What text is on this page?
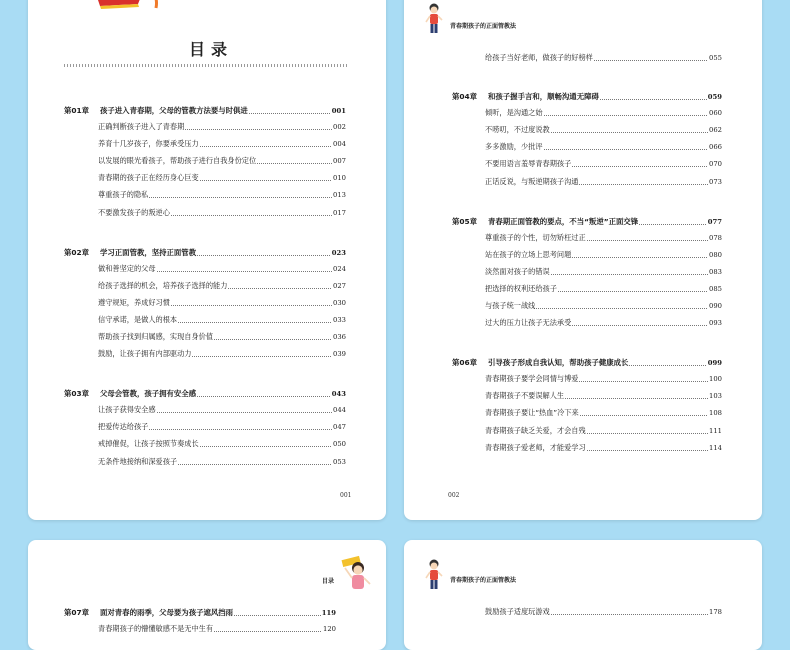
目录
第01章	孩子进入青春期，父母的管教方法要与时俱进	001
正确判断孩子进入了青春期	002
养育十几岁孩子，你要承受压力	004
以发展的眼光看孩子，帮助孩子进行自我身份定位	007
青春期的孩子正在经历身心巨变	010
尊重孩子的隐私	013
不要激发孩子的叛逆心	017
第02章	学习正面管教，坚持正面管教	023
做和善坚定的父母	024
给孩子选择的机会，培养孩子选择的能力	027
遵守规矩，养成好习惯	030
信守承诺，是做人的根本	033
帮助孩子找到归属感，实现自身价值	036
鼓励，让孩子拥有内部驱动力	039
第03章	父母会管教，孩子拥有安全感	043
让孩子获得安全感	044
把爱传达给孩子	047
戒掉催促，让孩子按照节奏成长	050
无条件地接纳和深爱孩子	053
001
青春期孩子的正面管教法
给孩子当好老师，做孩子的好榜样	055
第04章	和孩子握手言和，顺畅沟通无障碍	059
倾听，是沟通之始	060
不唠叨，不过度说教	062
多多激励，少批评	066
不要用语言羞辱青春期孩子	070
正话反说，与叛逆期孩子沟通	073
第05章	青春期正面管教的要点，不当“叛逆”正面交锋	077
尊重孩子的个性，切勿矫枉过正	078
站在孩子的立场上思考问题	080
淡然面对孩子的错误	083
把选择的权利还给孩子	085
与孩子统一战线	090
过大的压力让孩子无法承受	093
第06章	引导孩子形成自我认知，帮助孩子健康成长	099
青春期孩子要学会同情与博爱	100
青春期孩子不要误解人生	103
青春期孩子要让“热血”冷下来	108
青春期孩子缺乏关爱，才会自残	111
青春期孩子爱老师，才能爱学习	114
002
目录
第07章	面对青春的雨季，父母要为孩子遮风挡雨	119
青春期孩子的懵懂敏感不是无中生有	120
青春期孩子的正面管教法
鼓励孩子适度玩游戏	178
